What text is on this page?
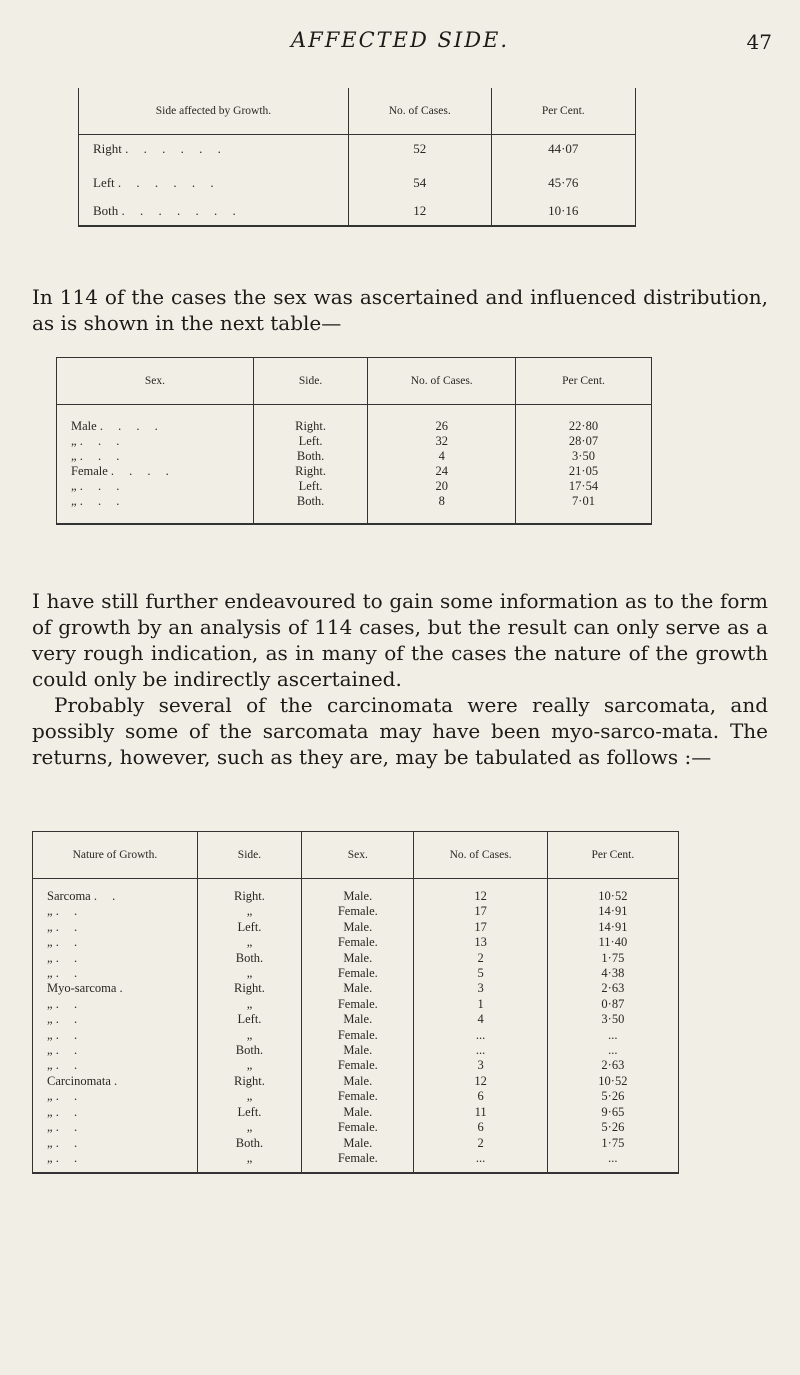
AFFECTED SIDE.	47
Side affected by Growth.	No. of Cases.	Per Cent.
Right . . . . . .	52	44·07
Left . . . . . .	54	45·76
Both . . . . . . .	12	10·16

In 114 of the cases the sex was ascertained and influenced distribution, as is shown in the next table—

Sex.	Side.	No. of Cases.	Per Cent.
Male . . . .	Right.	26	22·80
„ . . .	Left.	32	28·07
„ . . .	Both.	4	3·50
Female . . . .	Right.	24	21·05
„ . . .	Left.	20	17·54
„ . . .	Both.	8	7·01

I have still further endeavoured to gain some information as to the form of growth by an analysis of 114 cases, but the result can only serve as a very rough indication, as in many of the cases the nature of the growth could only be indirectly ascertained.

Probably several of the carcinomata were really sarcomata, and possibly some of the sarcomata may have been myo-sarco-mata. The returns, however, such as they are, may be tabulated as follows :—

Nature of Growth.	Side.	Sex.	No. of Cases.	Per Cent.
Sarcoma . .	Right.	Male.	12	10·52
„ . .	„	Female.	17	14·91
„ . .	Left.	Male.	17	14·91
„ . .	„	Female.	13	11·40
„ . .	Both.	Male.	2	1·75
„ . .	„	Female.	5	4·38
Myo-sarcoma .	Right.	Male.	3	2·63
„ . .	„	Female.	1	0·87
„ . .	Left.	Male.	4	3·50
„ . .	„	Female.	...	...
„ . .	Both.	Male.	...	...
„ . .	„	Female.	3	2·63
Carcinomata .	Right.	Male.	12	10·52
„ . .	„	Female.	6	5·26
„ . .	Left.	Male.	11	9·65
„ . .	„	Female.	6	5·26
„ . .	Both.	Male.	2	1·75
„ . .	„	Female.	...	...
